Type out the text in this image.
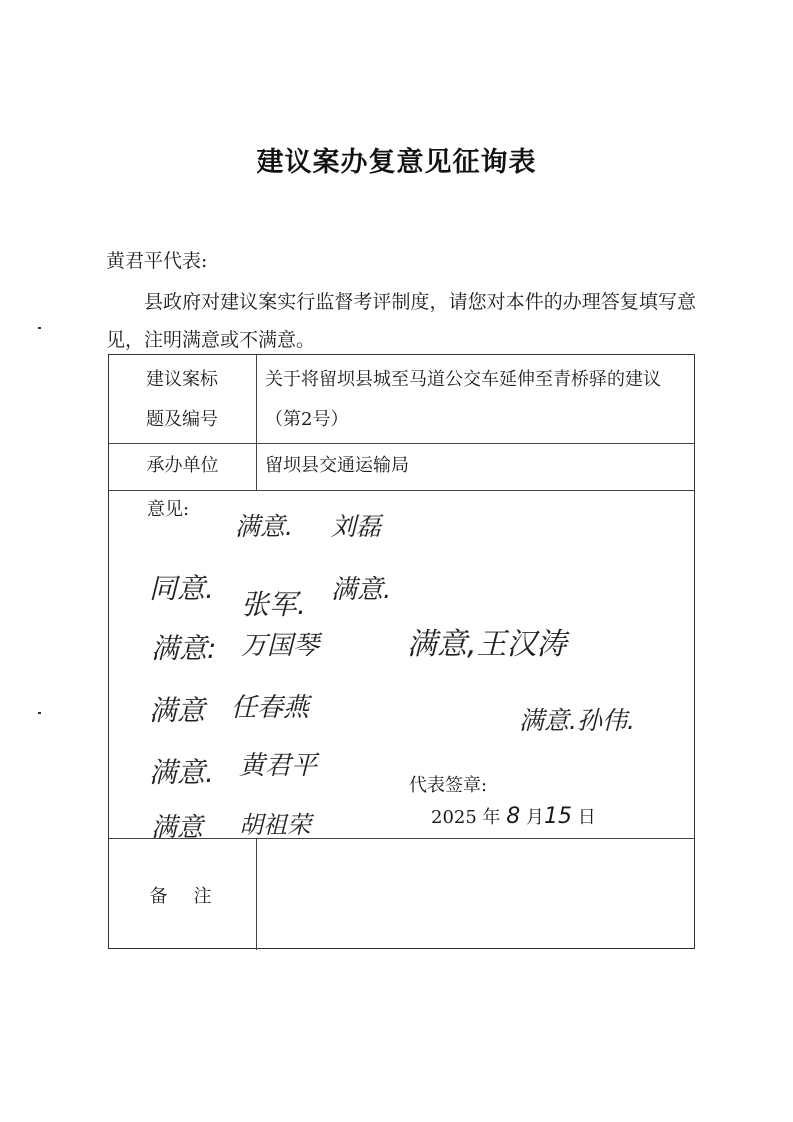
建议案办复意见征询表
黄君平代表:
县政府对建议案实行监督考评制度，请您对本件的办理答复填写意见，注明满意或不满意。
建议案标题及编号
关于将留坝县城至马道公交车延伸至青桥驿的建议（第2号）
承办单位	留坝县交通运输局
意见:
满意. 刘磊
同意. 张军. 满意.
满意: 万国琴	满意,王汉涛
满意 任春燕	满意.孙伟.
满意. 黄君平
满意 胡祖荣
代表签章:
2025 年 8 月15 日
备　注
